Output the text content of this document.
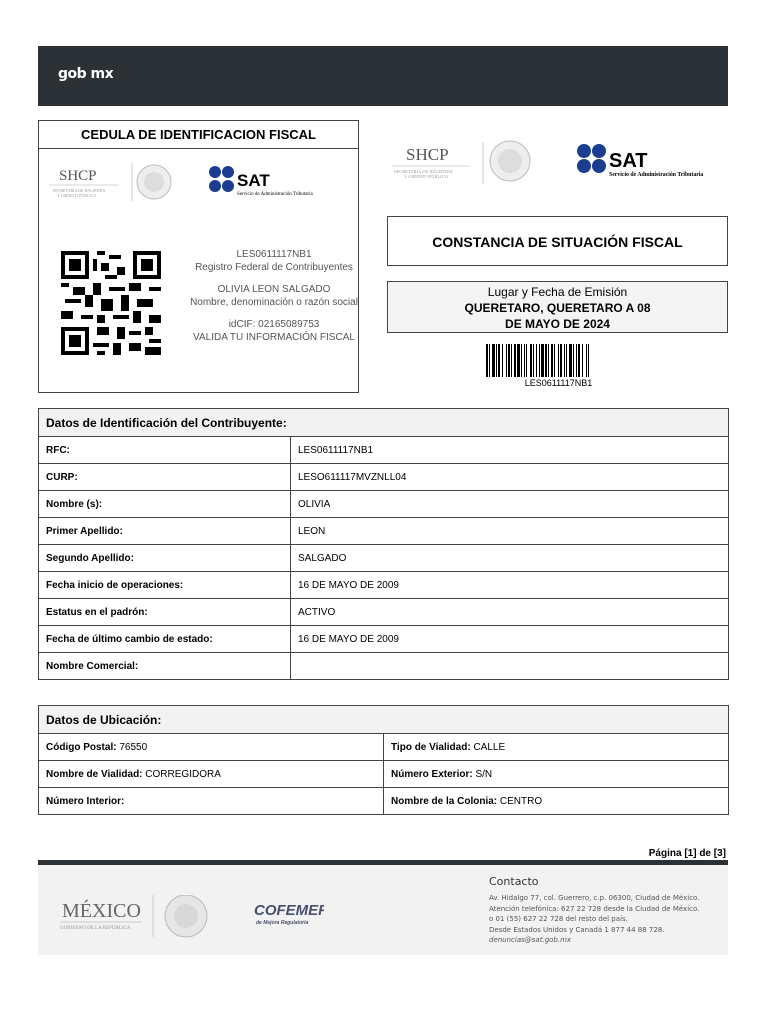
gob mx
CEDULA DE IDENTIFICACION FISCAL
SHCP
SECRETARÍA DE HACIENDA
Y CRÉDITO PÚBLICO
SAT
Servicio de Administración Tributaria
LES0611117NB1
Registro Federal de Contribuyentes
OLIVIA LEON SALGADO
Nombre, denominación o razón social
idCIF: 02165089753
VALIDA TU INFORMACIÓN FISCAL
SHCP
SECRETARÍA DE HACIENDA
Y CRÉDITO PÚBLICO
SAT
Servicio de Administración Tributaria
CONSTANCIA DE SITUACIÓN FISCAL
Lugar y Fecha de Emisión
QUERETARO, QUERETARO A 08
DE MAYO DE 2024
LES0611117NB1
Datos de Identificación del Contribuyente:	
RFC:	LES0611117NB1
CURP:	LESO611117MVZNLL04
Nombre (s):	OLIVIA
Primer Apellido:	LEON
Segundo Apellido:	SALGADO
Fecha inicio de operaciones:	16 DE MAYO DE 2009
Estatus en el padrón:	ACTIVO
Fecha de último cambio de estado:	16 DE MAYO DE 2009
Nombre Comercial:	
Datos de Ubicación:	
Código Postal: 76550	Tipo de Vialidad: CALLE
Nombre de Vialidad: CORREGIDORA	Número Exterior: S/N
Número Interior:	Nombre de la Colonia: CENTRO
Página [1] de [3]
MÉXICO
GOBIERNO DE LA REPÚBLICA
COFEMER
de Mejora Regulatoria
Contacto
Av. Hidalgo 77, col. Guerrero, c.p. 06300, Ciudad de México.
Atención telefónica: 627 22 728 desde la Ciudad de México.
o 01 (55) 627 22 728 del resto del país.
Desde Estados Unidos y Canadá 1 877 44 88 728.
denuncias@sat.gob.mx
